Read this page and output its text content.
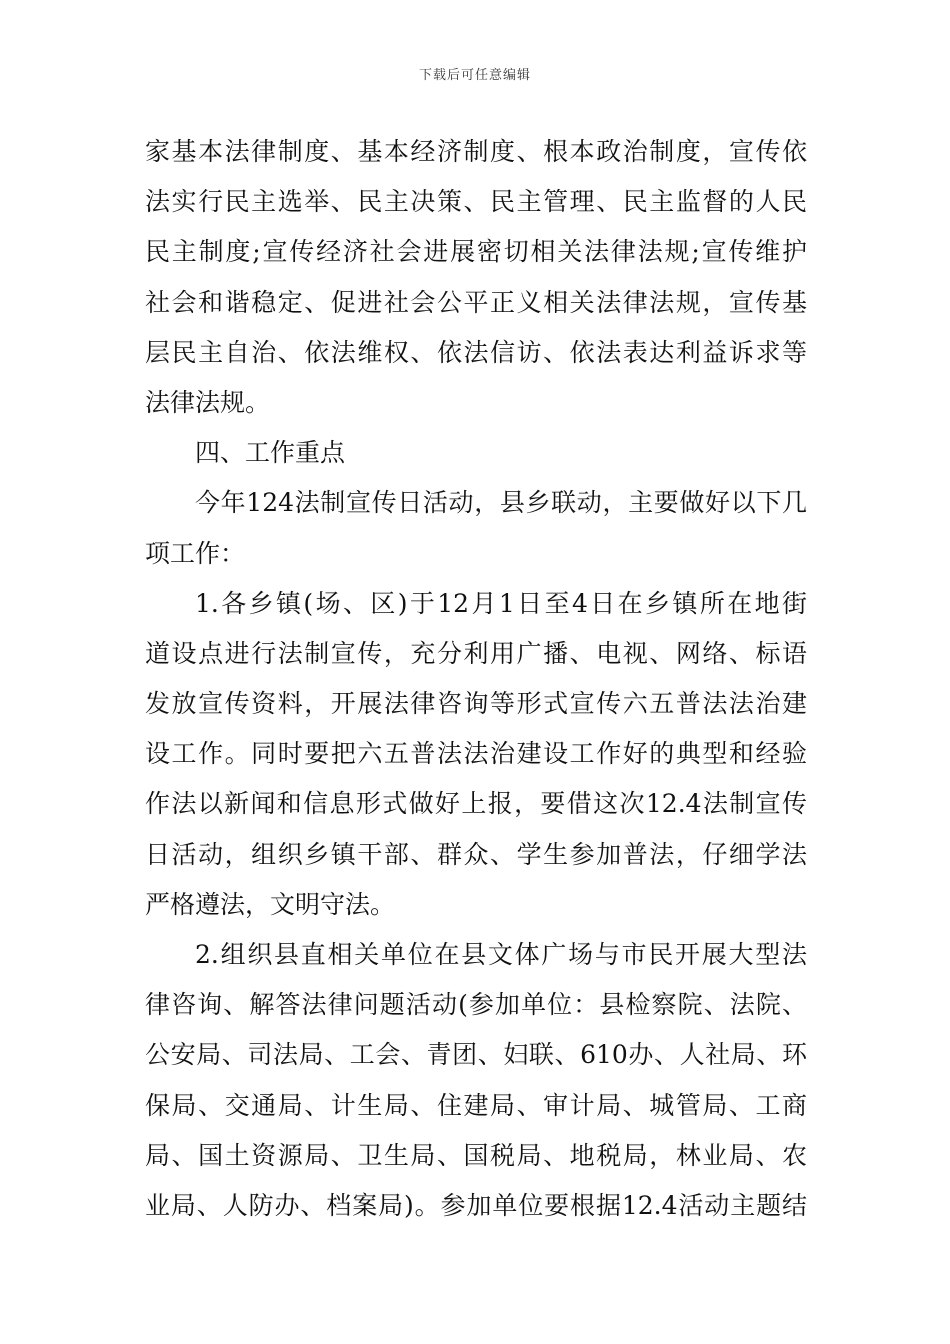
下载后可任意编辑
家基本法律制度、基本经济制度、根本政治制度，宣传依
法实行民主选举、民主决策、民主管理、民主监督的人民
民主制度;宣传经济社会进展密切相关法律法规;宣传维护
社会和谐稳定、促进社会公平正义相关法律法规，宣传基
层民主自治、依法维权、依法信访、依法表达利益诉求等
法律法规。
四、工作重点
今年124法制宣传日活动，县乡联动，主要做好以下几
项工作：
1.各乡镇(场、区)于12月1日至4日在乡镇所在地街
道设点进行法制宣传，充分利用广播、电视、网络、标语
发放宣传资料，开展法律咨询等形式宣传六五普法法治建
设工作。同时要把六五普法法治建设工作好的典型和经验
作法以新闻和信息形式做好上报，要借这次12.4法制宣传
日活动，组织乡镇干部、群众、学生参加普法，仔细学法
严格遵法，文明守法。
2.组织县直相关单位在县文体广场与市民开展大型法
律咨询、解答法律问题活动(参加单位：县检察院、法院、
公安局、司法局、工会、青团、妇联、610办、人社局、环
保局、交通局、计生局、住建局、审计局、城管局、工商
局、国土资源局、卫生局、国税局、地税局，林业局、农
业局、人防办、档案局)。参加单位要根据12.4活动主题结
